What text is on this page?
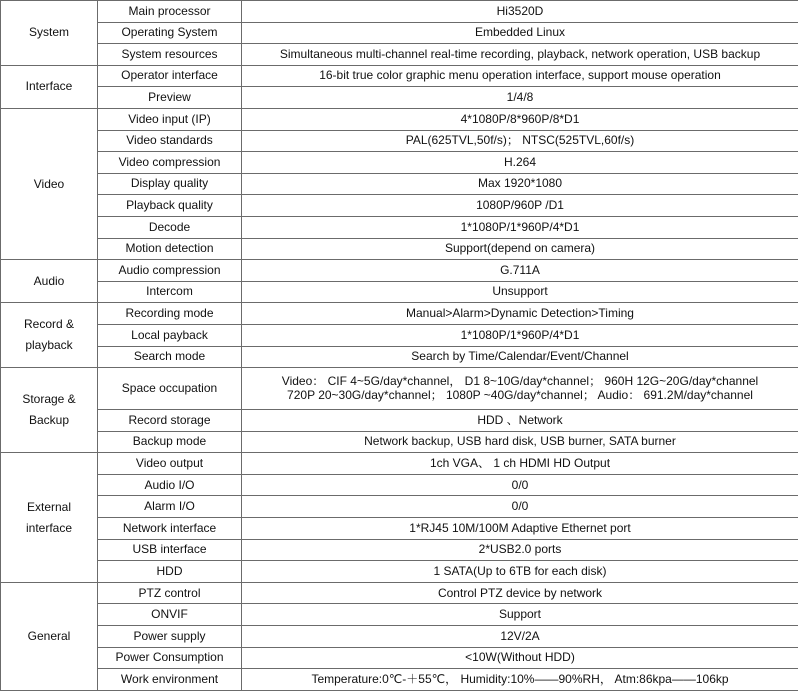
System	Main processor	Hi3520D
	Operating System	Embedded Linux
	System resources	Simultaneous multi-channel real-time recording, playback, network operation, USB backup
Interface	Operator interface	16-bit true color graphic menu operation interface, support mouse operation
	Preview	1/4/8
Video	Video input (IP)	4*1080P/8*960P/8*D1
	Video standards	PAL(625TVL,50f/s)； NTSC(525TVL,60f/s)
	Video compression	H.264
	Display quality	Max 1920*1080
	Playback quality	1080P/960P /D1
	Decode	1*1080P/1*960P/4*D1
	Motion detection	Support(depend on camera)
Audio	Audio compression	G.711A
	Intercom	Unsupport
Record & playback	Recording mode	Manual>Alarm>Dynamic Detection>Timing
	Local payback	1*1080P/1*960P/4*D1
	Search mode	Search by Time/Calendar/Event/Channel
Storage & Backup	Space occupation	Video： CIF 4~5G/day*channel， D1 8~10G/day*channel； 960H 12G~20G/day*channel
720P 20~30G/day*channel； 1080P ~40G/day*channel； Audio： 691.2M/day*channel
	Record storage	HDD 、Network
	Backup mode	Network backup, USB hard disk, USB burner, SATA burner
External interface	Video output	1ch VGA、 1 ch HDMI HD Output
	Audio I/O	0/0
	Alarm I/O	0/0
	Network interface	1*RJ45 10M/100M Adaptive Ethernet port
	USB interface	2*USB2.0 ports
	HDD	1 SATA(Up to 6TB for each disk)
General	PTZ control	Control PTZ device by network
	ONVIF	Support
	Power supply	12V/2A
	Power Consumption	<10W(Without HDD)
	Work environment	Temperature:0℃-＋55℃， Humidity:10%——90%RH， Atm:86kpa——106kp
